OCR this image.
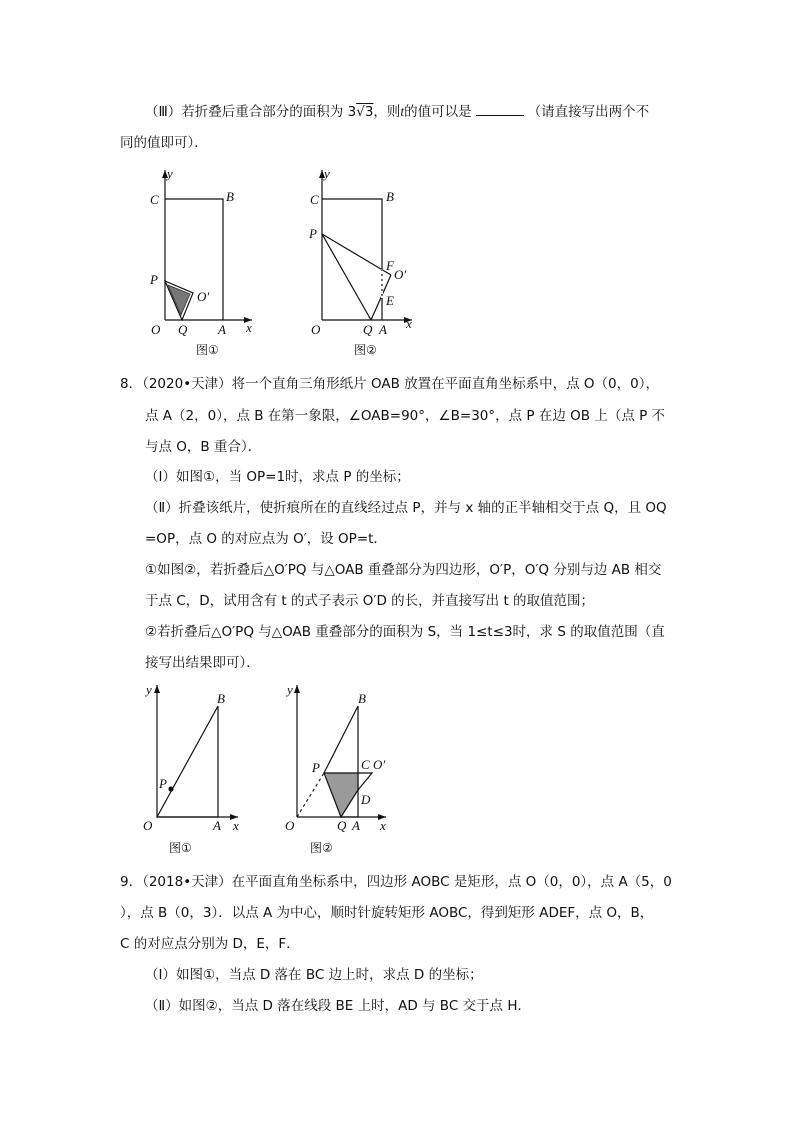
（Ⅲ）若折叠后重合部分的面积为 3√3，则t的值可以是	（请直接写出两个不
同的值即可）．
y
C	B
P
O′
O Q A x
图①
y
C	B
P
F
O′
E
O	Q A x
图②
8．（2020•天津）将一个直角三角形纸片 OAB 放置在平面直角坐标系中，点 O（0，0），
点 A（2，0），点 B 在第一象限，∠OAB=90°，∠B=30°，点 P 在边 OB 上（点 P 不
与点 O，B 重合）．
（Ⅰ）如图①，当 OP=1时，求点 P 的坐标；
（Ⅱ）折叠该纸片，使折痕所在的直线经过点 P，并与 x 轴的正半轴相交于点 Q，且 OQ
=OP，点 O 的对应点为 O′，设 OP=t．
①如图②，若折叠后△O′PQ 与△OAB 重叠部分为四边形，O′P，O′Q 分别与边 AB 相交
于点 C，D，试用含有 t 的式子表示 O′D 的长，并直接写出 t 的取值范围；
②若折叠后△O′PQ 与△OAB 重叠部分的面积为 S，当 1≤t≤3时，求 S 的取值范围（直
接写出结果即可）．
y
B
P
O	A x
图①
y
B
P	C O′
D
O	Q A x
图②
9．（2018•天津）在平面直角坐标系中，四边形 AOBC 是矩形，点 O（0，0），点 A（5，0
），点 B（0，3）．以点 A 为中心，顺时针旋转矩形 AOBC，得到矩形 ADEF，点 O，B，
C 的对应点分别为 D，E，F．
（Ⅰ）如图①，当点 D 落在 BC 边上时，求点 D 的坐标；
（Ⅱ）如图②，当点 D 落在线段 BE 上时，AD 与 BC 交于点 H．
